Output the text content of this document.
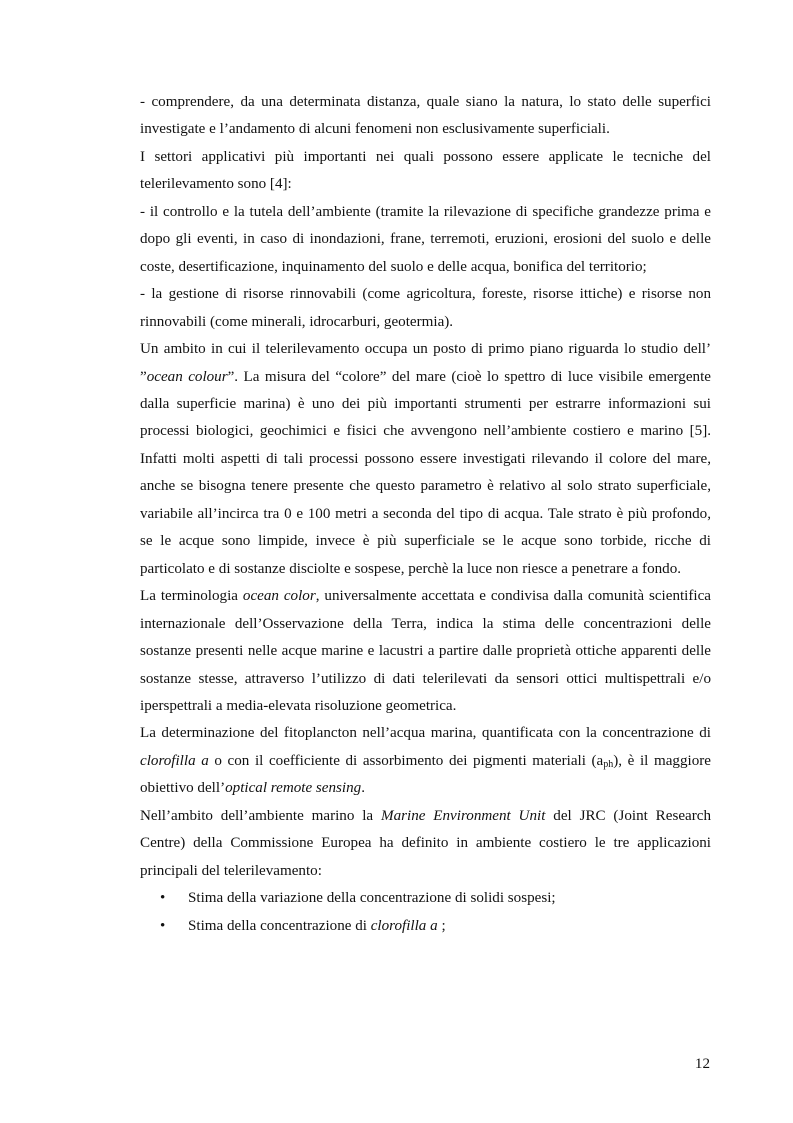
- comprendere, da una determinata distanza, quale siano la natura, lo stato delle superfici investigate e l’andamento di alcuni fenomeni non esclusivamente superficiali.

I settori applicativi più importanti nei quali possono essere applicate le tecniche del telerilevamento sono [4]:

- il controllo e la tutela dell’ambiente (tramite la rilevazione di specifiche grandezze prima e dopo gli eventi, in caso di inondazioni, frane, terremoti, eruzioni, erosioni del suolo e delle coste, desertificazione, inquinamento del suolo e delle acqua, bonifica del territorio;

- la gestione di risorse rinnovabili (come agricoltura, foreste, risorse ittiche) e risorse non rinnovabili (come minerali, idrocarburi, geotermia).

Un ambito in cui il telerilevamento occupa un posto di primo piano riguarda lo studio dell’ ”ocean colour”. La misura del “colore” del mare (cioè lo spettro di luce visibile emergente dalla superficie marina) è uno dei più importanti strumenti per estrarre informazioni sui processi biologici, geochimici e fisici che avvengono nell’ambiente costiero e marino [5]. Infatti molti aspetti di tali processi possono essere investigati rilevando il colore del mare, anche se bisogna tenere presente che questo parametro è relativo al solo strato superficiale, variabile all’incirca tra 0 e 100 metri a seconda del tipo di acqua. Tale strato è più profondo, se le acque sono limpide, invece è più superficiale se le acque sono torbide, ricche di particolato e di sostanze disciolte e sospese, perchè la luce non riesce a penetrare a fondo.

La terminologia ocean color, universalmente accettata e condivisa dalla comunità scientifica internazionale dell’Osservazione della Terra, indica la stima delle concentrazioni delle sostanze presenti nelle acque marine e lacustri a partire dalle proprietà ottiche apparenti delle sostanze stesse, attraverso l’utilizzo di dati telerilevati da sensori ottici multispettrali e/o iperspettrali a media-elevata risoluzione geometrica.

La determinazione del fitoplancton nell’acqua marina, quantificata con la concentrazione di clorofilla a o con il coefficiente di assorbimento dei pigmenti materiali $(a_{ph})$, è il maggiore obiettivo dell’optical remote sensing.

Nell’ambito dell’ambiente marino la Marine Environment Unit del JRC (Joint Research Centre) della Commissione Europea ha definito in ambiente costiero le tre applicazioni principali del telerilevamento:

• Stima della variazione della concentrazione di solidi sospesi;
• Stima della concentrazione di clorofilla a ;
12
